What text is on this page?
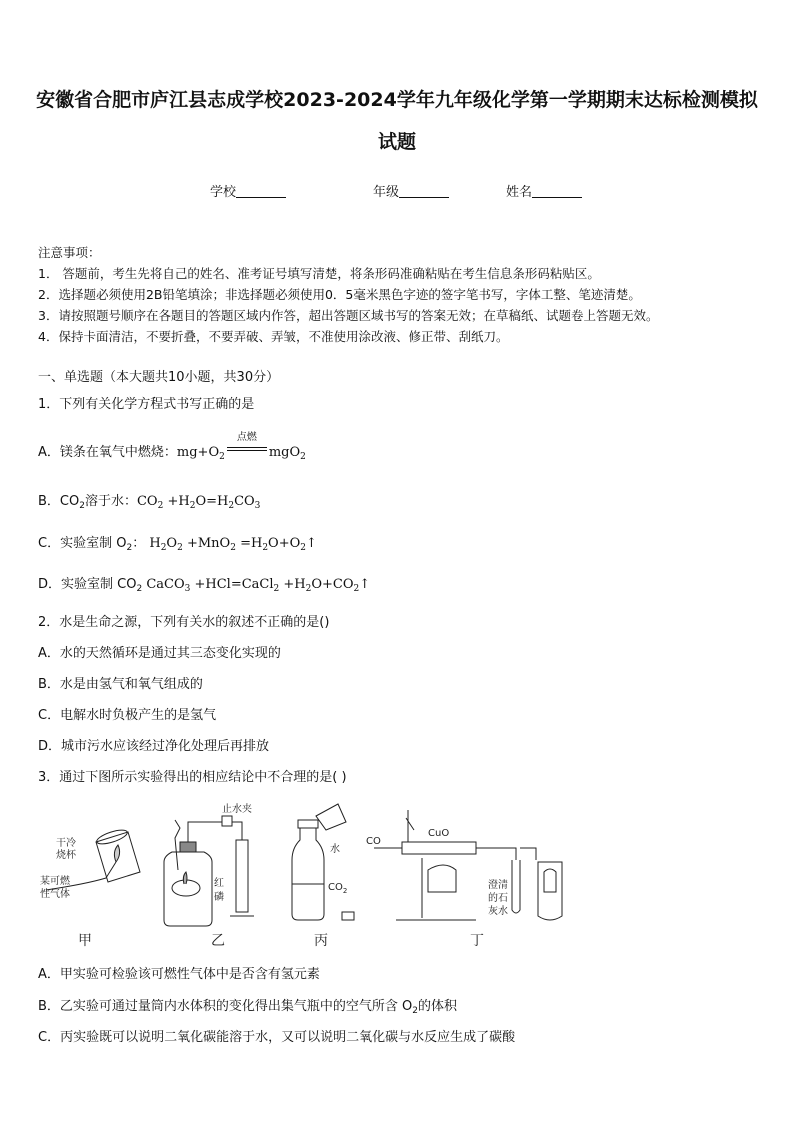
安徽省合肥市庐江县志成学校2023-2024学年九年级化学第一学期期末达标检测模拟
试题
学校	年级	姓名
注意事项：
1． 答题前，考生先将自己的姓名、准考证号填写清楚，将条形码准确粘贴在考生信息条形码粘贴区。
2．选择题必须使用2B铅笔填涂；非选择题必须使用0．5毫米黑色字迹的签字笔书写，字体工整、笔迹清楚。
3．请按照题号顺序在各题目的答题区域内作答，超出答题区域书写的答案无效；在草稿纸、试题卷上答题无效。
4．保持卡面清洁，不要折叠，不要弄破、弄皱，不准使用涂改液、修正带、刮纸刀。
一、单选题（本大题共10小题，共30分）
1．下列有关化学方程式书写正确的是
A．镁条在氧气中燃烧：$mg+O_2$
点燃
mgO$_2$
B．$CO_2$溶于水：$CO_2 +H_2O=H_2CO_3$
C．实验室制 $O_2$： $H_2O_2 +MnO_2$ $=H_2O+O_2↑$
D．实验室制 $CO_2$ CaCO$_3$ +HCl=CaCl$_2$ $+H_2O+CO_2↑$
2．水是生命之源，下列有关水的叙述不正确的是()
A．水的天然循环是通过其三态变化实现的
B．水是由氢气和氧气组成的
C．电解水时负极产生的是氢气
D．城市污水应该经过净化处理后再排放
3．通过下图所示实验得出的相应结论中不合理的是( )
干冷
烧杯
某可燃
性气体
红
磷
止水夹
水
$CO_2$
CO
CuO
澄清
的石
灰水
甲	乙	丙	丁
A．甲实验可检验该可燃性气体中是否含有氢元素
B．乙实验可通过量筒内水体积的变化得出集气瓶中的空气所含 $O_2$的体积
C．丙实验既可以说明二氧化碳能溶于水，又可以说明二氧化碳与水反应生成了碳酸
